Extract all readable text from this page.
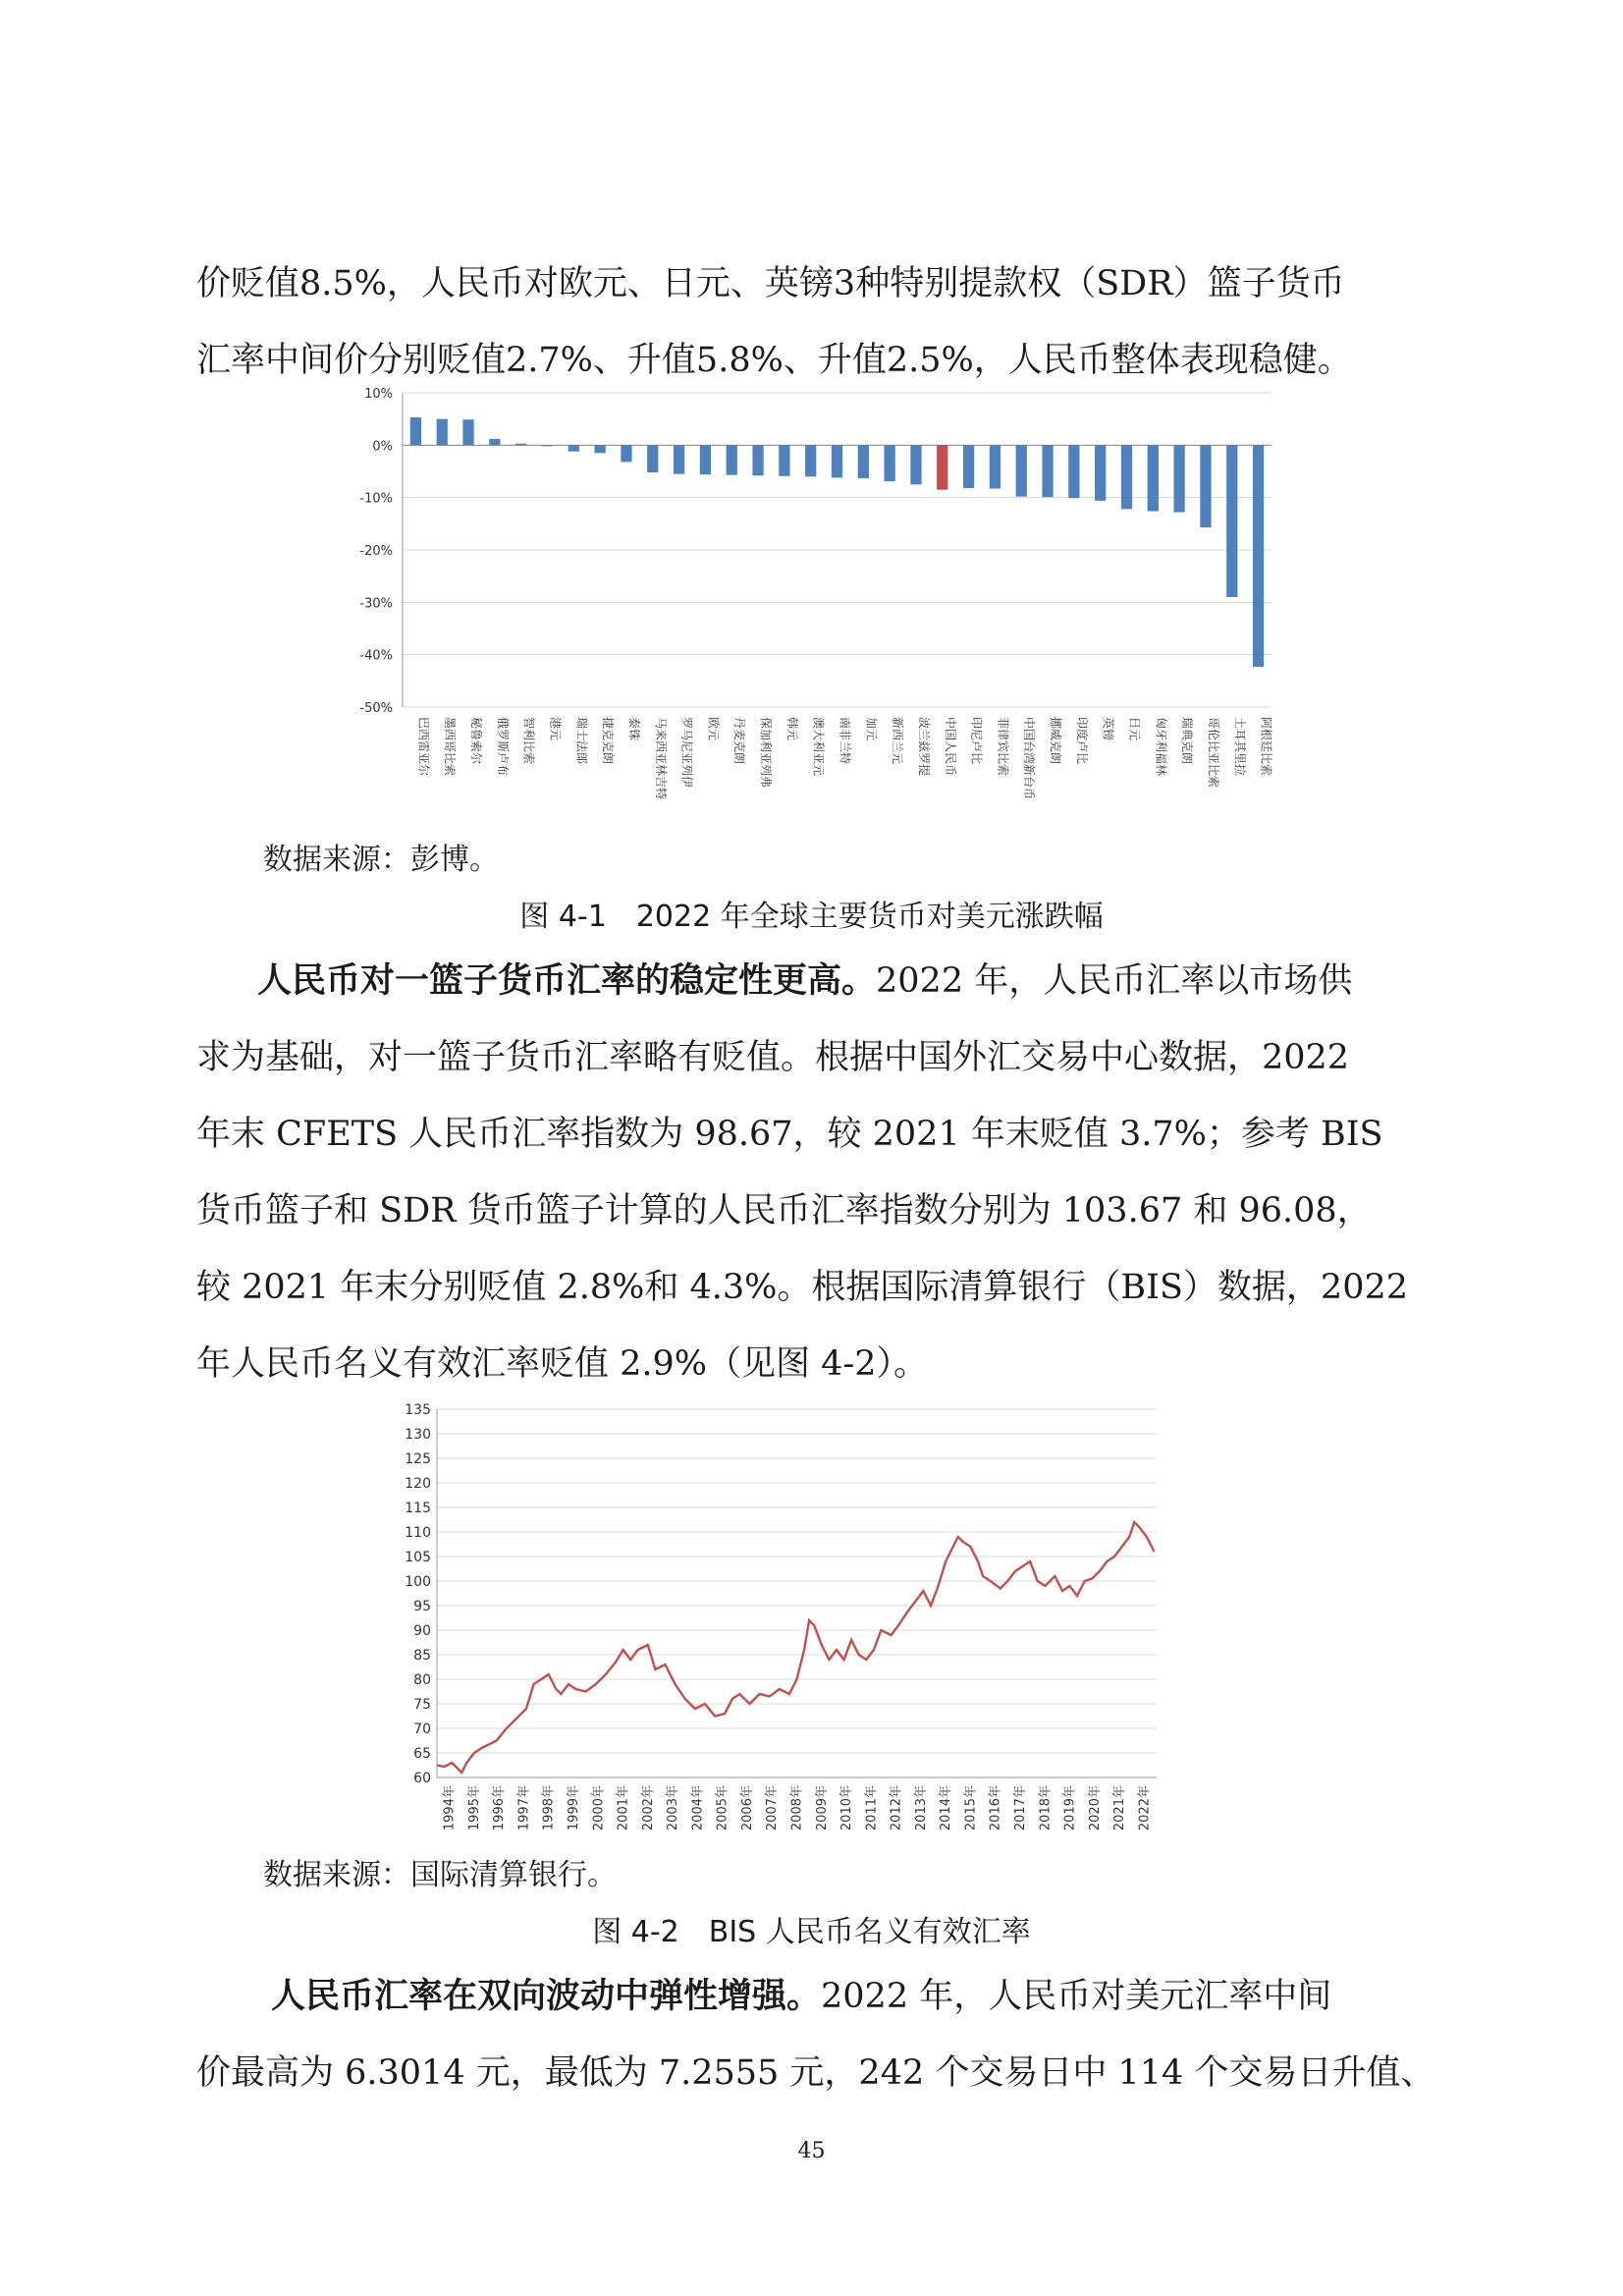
价贬值8.5%，人民币对欧元、日元、英镑3种特别提款权（SDR）篮子货币
汇率中间价分别贬值2.7%、升值5.8%、升值2.5%，人民币整体表现稳健。
10%
0%
-10%
-20%
-30%
-40%
-50%
巴西雷亚尔 墨西哥比索 秘鲁索尔 俄罗斯卢布 智利比索 港元 瑞士法郎 捷克克朗 泰铢 马来西亚林吉特 罗马尼亚列伊 欧元 丹麦克朗 保加利亚列弗 韩元 澳大利亚元 南非兰特 加元 新西兰元 波兰兹罗提 中国人民币 印尼卢比 菲律宾比索 中国台湾新台币 挪威克朗 印度卢比 英镑 日元 匈牙利福林 瑞典克朗 哥伦比亚比索 土耳其里拉 阿根廷比索
数据来源：彭博。
图 4-1　2022 年全球主要货币对美元涨跌幅
人民币对一篮子货币汇率的稳定性更高。2022 年，人民币汇率以市场供
求为基础，对一篮子货币汇率略有贬值。根据中国外汇交易中心数据，2022
年末 CFETS 人民币汇率指数为 98.67，较 2021 年末贬值 3.7%；参考 BIS
货币篮子和 SDR 货币篮子计算的人民币汇率指数分别为 103.67 和 96.08，
较 2021 年末分别贬值 2.8%和 4.3%。根据国际清算银行（BIS）数据，2022
年人民币名义有效汇率贬值 2.9%（见图 4-2）。
60
65
70
75
80
85
90
95
100
105
110
115
120
125
130
135
1994年 1995年 1996年 1997年 1998年 1999年 2000年 2001年 2002年 2003年 2004年 2005年 2006年 2007年 2008年 2009年 2010年 2011年 2012年 2013年 2014年 2015年 2016年 2017年 2018年 2019年 2020年 2021年 2022年
数据来源：国际清算银行。
图 4-2　BIS 人民币名义有效汇率
人民币汇率在双向波动中弹性增强。2022 年，人民币对美元汇率中间
价最高为 6.3014 元，最低为 7.2555 元，242 个交易日中 114 个交易日升值、
45
